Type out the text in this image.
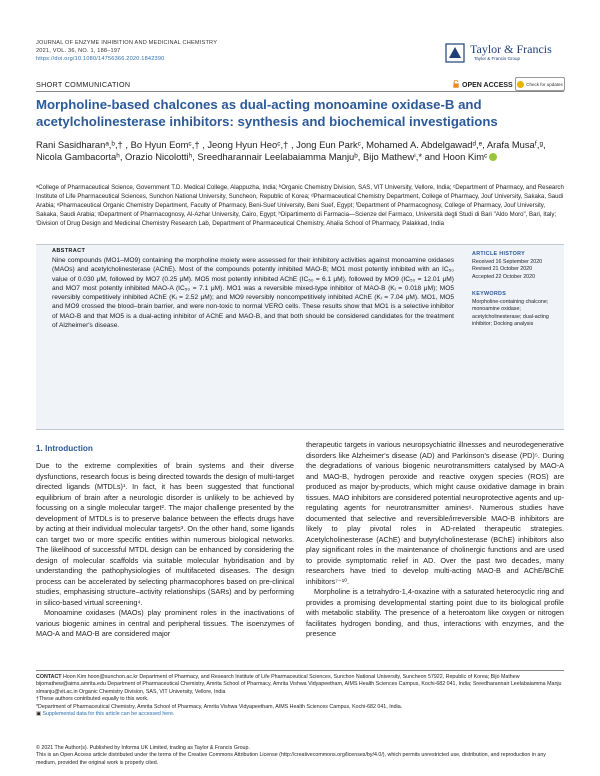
JOURNAL OF ENZYME INHIBITION AND MEDICINAL CHEMISTRY
2021, VOL. 36, NO. 1, 188–197
https://doi.org/10.1080/14756366.2020.1842390
Taylor & Francis
Taylor & Francis Group
SHORT COMMUNICATION	OPEN ACCESS	Check for updates
Morpholine-based chalcones as dual-acting monoamine oxidase-B and acetylcholinesterase inhibitors: synthesis and biochemical investigations
Rani Sasidharanᵃ,ᵇ,† , Bo Hyun Eomᶜ,† , Jeong Hyun Heoᶜ,† , Jong Eun Parkᶜ, Mohamed A. Abdelgawadᵈ,ᵉ, Arafa Musaᶠ,ᵍ, Nicola Gambacortaʰ, Orazio Nicolottiʰ, Sreedharannair Leelabaiamma Manjuᵇ, Bijo Mathewⁱ,* and Hoon Kimᶜ
ᵃCollege of Pharmaceutical Science, Government T.D. Medical College, Alappuzha, India; ᵇOrganic Chemistry Division, SAS, VIT University, Vellore, India; ᶜDepartment of Pharmacy, and Research Institute of Life Pharmaceutical Sciences, Sunchon National University, Suncheon, Republic of Korea; ᵈPharmaceutical Chemistry Department, College of Pharmacy, Jouf University, Sakaka, Saudi Arabia; ᵉPharmaceutical Organic Chemistry Department, Faculty of Pharmacy, Beni-Suef University, Beni Suef, Egypt; ᶠDepartment of Pharmacognosy, College of Pharmacy, Jouf University, Sakaka, Saudi Arabia; ᵍDepartment of Pharmacognosy, Al-Azhar University, Cairo, Egypt; ʰDipartimento di Farmacia—Scienze del Farmaco, Università degli Studi di Bari "Aldo Moro", Bari, Italy; ⁱDivision of Drug Design and Medicinal Chemistry Research Lab, Department of Pharmaceutical Chemistry, Ahalia School of Pharmacy, Palakkad, India
ABSTRACT
Nine compounds (MO1–MO9) containing the morpholine moiety were assessed for their inhibitory activities against monoamine oxidases (MAOs) and acetylcholinesterase (AChE). Most of the compounds potently inhibited MAO-B; MO1 most potently inhibited with an IC₅₀ value of 0.030 μM, followed by MO7 (0.25 μM). MO5 most potently inhibited AChE (IC₅₀ = 6.1 μM), followed by MO9 (IC₅₀ = 12.01 μM) and MO7 most potently inhibited MAO-A (IC₅₀ = 7.1 μM). MO1 was a reversible mixed-type inhibitor of MAO-B (Kᵢ = 0.018 μM); MO5 reversibly competitively inhibited AChE (Kᵢ = 2.52 μM); and MO9 reversibly noncompetitively inhibited AChE (Kᵢ = 7.04 μM). MO1, MO5 and MO9 crossed the blood–brain barrier, and were non-toxic to normal VERO cells. These results show that MO1 is a selective inhibitor of MAO-B and that MO5 is a dual-acting inhibitor of AChE and MAO-B, and that both should be considered candidates for the treatment of Alzheimer's disease.
ARTICLE HISTORY
Received 16 September 2020
Revised 21 October 2020
Accepted 22 October 2020
KEYWORDS
Morpholine-containing chalcone; monoamine oxidase; acetylcholinesterase; dual-acting inhibitor; Docking analysis
1. Introduction

Due to the extreme complexities of brain systems and their diverse dysfunctions, research focus is being directed towards the design of multi-target directed ligands (MTDLs)¹. In fact, it has been suggested that functional equilibrium of brain after a neurologic disorder is unlikely to be achieved by focussing on a single molecular target². The major challenge presented by the development of MTDLs is to preserve balance between the effects drugs have by acting at their individual molecular targets³. On the other hand, some ligands can target two or more specific entities within numerous biological networks. The likelihood of successful MTDL design can be enhanced by considering the design of molecular scaffolds via suitable molecular hybridisation and by understanding the pathophysiologies of multifaceted diseases. The design process can be accelerated by selecting pharmacophores based on pre-clinical studies, emphasising structure–activity relationships (SARs) and by performing in silico-based virtual screening⁴.

Monoamine oxidases (MAOs) play prominent roles in the inactivations of various biogenic amines in central and peripheral tissues. The isoenzymes of MAO-A and MAO-B are considered major

therapeutic targets in various neuropsychiatric illnesses and neurodegenerative disorders like Alzheimer's disease (AD) and Parkinson's disease (PD)⁵. During the degradations of various biogenic neurotransmitters catalysed by MAO-A and MAO-B, hydrogen peroxide and reactive oxygen species (ROS) are produced as major by-products, which might cause oxidative damage in brain tissues. MAO inhibitors are considered potential neuroprotective agents and up-regulating agents for neurotransmitter amines⁶. Numerous studies have documented that selective and reversible/irreversible MAO-B inhibitors are likely to play pivotal roles in AD-related therapeutic strategies. Acetylcholinesterase (AChE) and butyrylcholinesterase (BChE) inhibitors also play significant roles in the maintenance of cholinergic functions and are used to provide symptomatic relief in AD. Over the past two decades, many researchers have tried to develop multi-acting MAO-B and AChE/BChE inhibitors⁷⁻¹⁰.

Morpholine is a tetrahydro-1,4-oxazine with a saturated heterocyclic ring and provides a promising developmental starting point due to its biological profile with metabolic stability. The presence of a heteroatom like oxygen or nitrogen facilitates hydrogen bonding, and thus, interactions with enzymes, and the presence

CONTACT Hoon Kim hoon@sunchon.ac.kr Department of Pharmacy, and Research Institute of Life Pharmaceutical Sciences, Sunchon National University, Suncheon 57922, Republic of Korea; Bijo Mathew bijomathew@aims.amrita.edu Department of Pharmaceutical Chemistry, Amrita School of Pharmacy, Amrita Vishwa Vidyapeetham, AIMS Health Sciences Campus, Kochi-682 041, India; Sreedharannair Leelabaiamma Manju slmanju@vit.ac.in Organic Chemistry Division, SAS, VIT University, Vellore, India
†These authors contributed equally to this work.
*Department of Pharmaceutical Chemistry, Amrita School of Pharmacy, Amrita Vishwa Vidyapeetham, AIMS Health Sciences Campus, Kochi-682 041, India.
▣ Supplemental data for this article can be accessed here.
© 2021 The Author(s). Published by Informa UK Limited, trading as Taylor & Francis Group.
This is an Open Access article distributed under the terms of the Creative Commons Attribution License (http://creativecommons.org/licenses/by/4.0/), which permits unrestricted use, distribution, and reproduction in any medium, provided the original work is properly cited.
